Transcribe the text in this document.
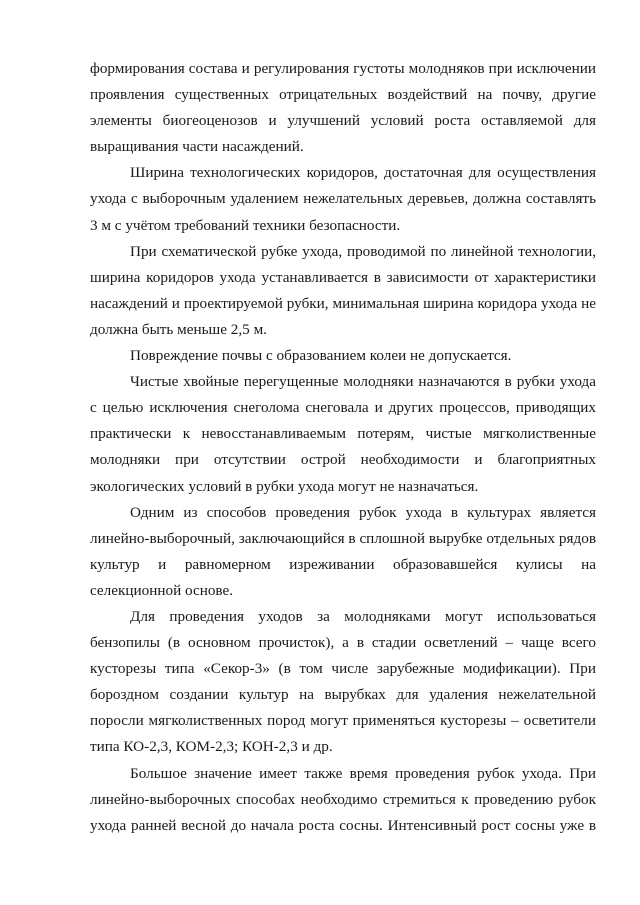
формирования состава и регулирования густоты молодняков при исключении проявления существенных отрицательных воздействий на почву, другие элементы биогеоценозов и улучшений условий роста оставляемой для выращивания части насаждений.

Ширина технологических коридоров, достаточная для осуществления ухода с выборочным удалением нежелательных деревьев, должна составлять 3 м с учётом требований техники безопасности.

При схематической рубке ухода, проводимой по линейной технологии, ширина коридоров ухода устанавливается в зависимости от характеристики насаждений и проектируемой рубки, минимальная ширина коридора ухода не должна быть меньше 2,5 м.

Повреждение почвы с образованием колеи не допускается.

Чистые хвойные перегущенные молодняки назначаются в рубки ухода с целью исключения снеголома снеговала и других процессов, приводящих практически к невосстанавливаемым потерям, чистые мягколиственные молодняки при отсутствии острой необходимости и благоприятных экологических условий в рубки ухода могут не назначаться.

Одним из способов проведения рубок ухода в культурах является линейно-выборочный, заключающийся в сплошной вырубке отдельных рядов культур и равномерном изреживании образовавшейся кулисы на селекционной основе.

Для проведения уходов за молодняками могут использоваться бензопилы (в основном прочисток), а в стадии осветлений – чаще всего кусторезы типа «Секор-3» (в том числе зарубежные модификации). При бороздном создании культур на вырубках для удаления нежелательной поросли мягколиственных пород могут применяться кусторезы – осветители типа КО-2,3, КОМ-2,3; КОН-2,3 и др.

Большое значение имеет также время проведения рубок ухода. При линейно-выборочных способах необходимо стремиться к проведению рубок ухода ранней весной до начала роста сосны. Интенсивный рост сосны уже в
